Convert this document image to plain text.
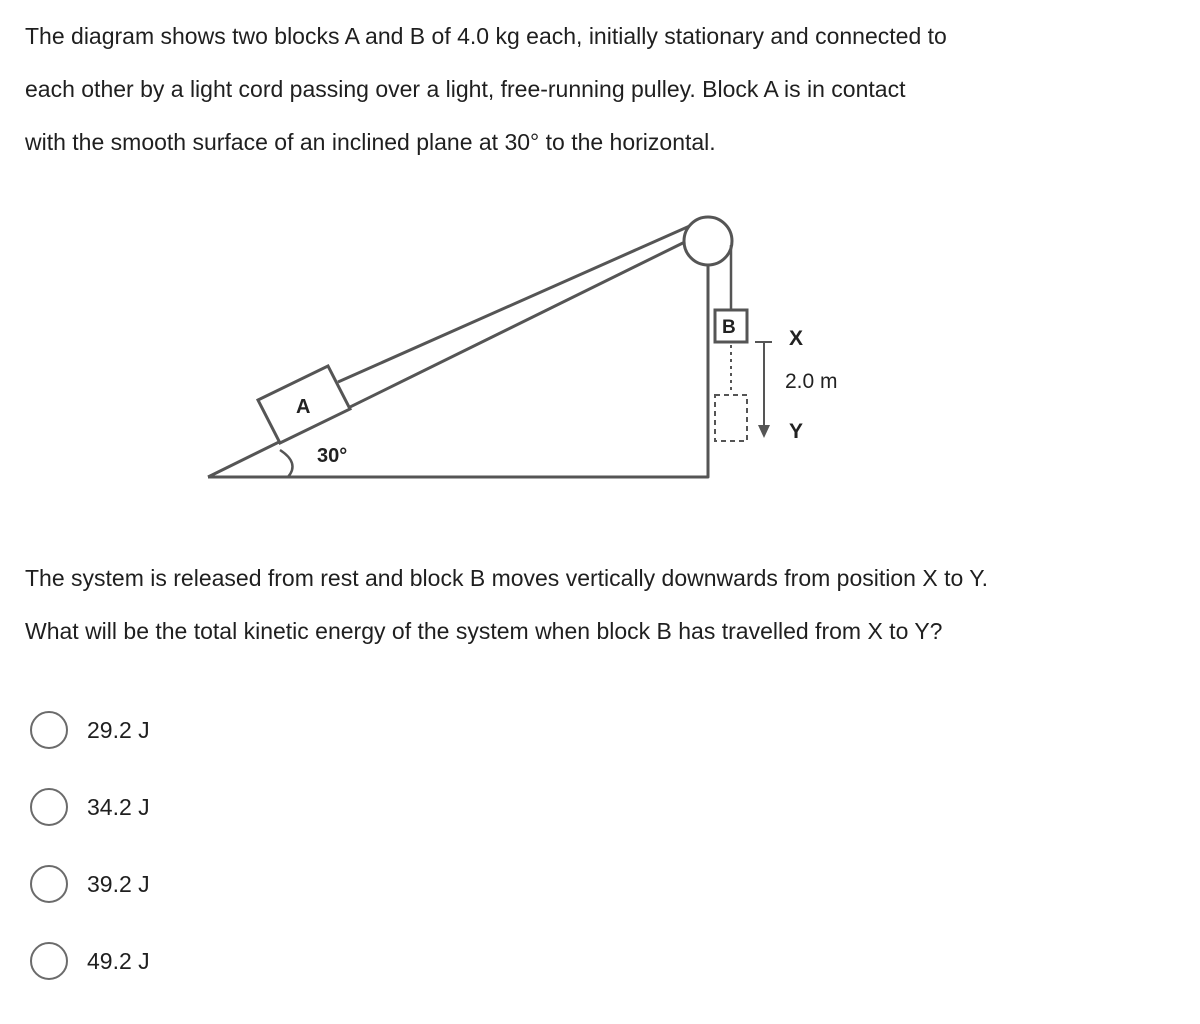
The diagram shows two blocks A and B of 4.0 kg each, initially stationary and connected to

each other by a light cord passing over a light, free-running pulley. Block A is in contact

with the smooth surface of an inclined plane at 30° to the horizontal.

A
30°
B	X
2.0 m
Y

The system is released from rest and block B moves vertically downwards from position X to Y.

What will be the total kinetic energy of the system when block B has travelled from X to Y?

29.2 J
34.2 J
39.2 J
49.2 J
